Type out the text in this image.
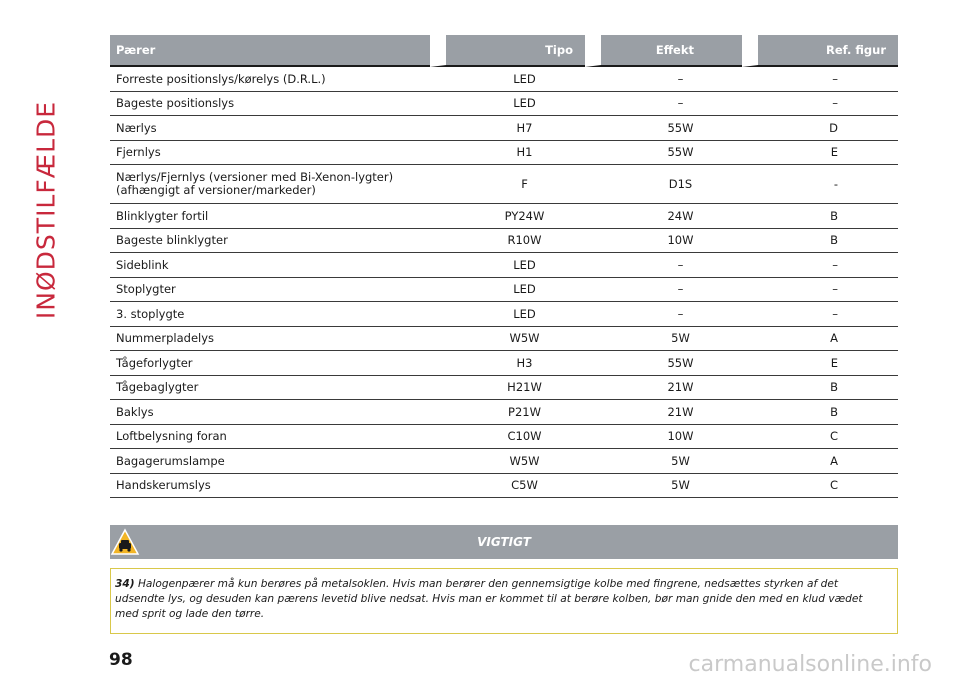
INØDSTILFÆLDE
Pærer	Tipo	Effekt	Ref. figur
Forreste positionslys/kørelys (D.R.L.)	LED	–	–
Bageste positionslys	LED	–	–
Nærlys	H7	55W	D
Fjernlys	H1	55W	E
Nærlys/Fjernlys (versioner med Bi-Xenon-lygter)
(afhængigt af versioner/markeder)	F	D1S	-
Blinklygter fortil	PY24W	24W	B
Bageste blinklygter	R10W	10W	B
Sideblink	LED	–	–
Stoplygter	LED	–	–
3. stoplygte	LED	–	–
Nummerpladelys	W5W	5W	A
Tågeforlygter	H3	55W	E
Tågebaglygter	H21W	21W	B
Baklys	P21W	21W	B
Loftbelysning foran	C10W	10W	C
Bagagerumslampe	W5W	5W	A
Handskerumslys	C5W	5W	C
VIGTIGT
34) Halogenpærer må kun berøres på metalsoklen. Hvis man berører den gennemsigtige kolbe med fingrene, nedsættes styrken af det udsendte lys, og desuden kan pærens levetid blive nedsat. Hvis man er kommet til at berøre kolben, bør man gnide den med en klud vædet med sprit og lade den tørre.
98	carmanualsonline.info
